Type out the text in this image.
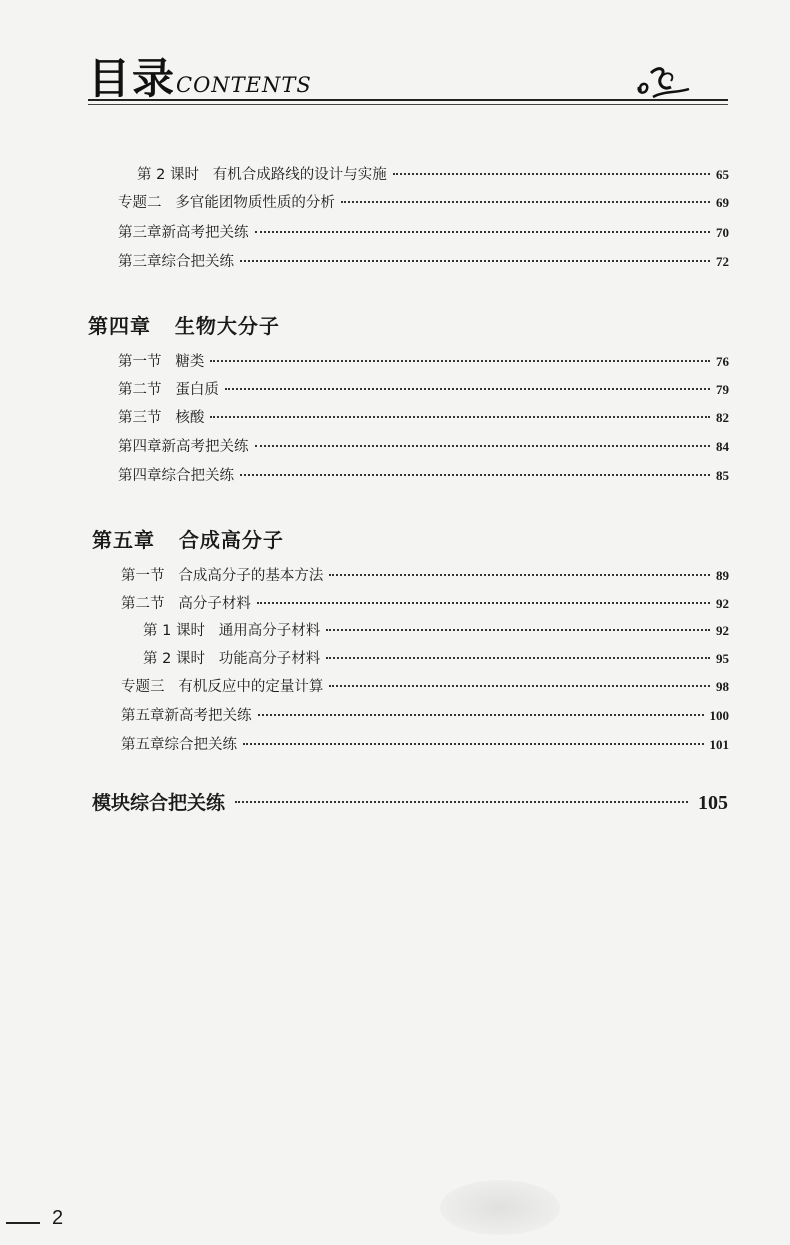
目录 CONTENTS
第 2 课时   有机合成路线的设计与实施	65
专题二   多官能团物质性质的分析	69
第三章新高考把关练	70
第三章综合把关练	72
第四章   生物大分子
第一节   糖类	76
第二节   蛋白质	79
第三节   核酸	82
第四章新高考把关练	84
第四章综合把关练	85
第五章   合成高分子
第一节   合成高分子的基本方法	89
第二节   高分子材料	92
第 1 课时   通用高分子材料	92
第 2 课时   功能高分子材料	95
专题三   有机反应中的定量计算	98
第五章新高考把关练	100
第五章综合把关练	101
模块综合把关练	105
2
